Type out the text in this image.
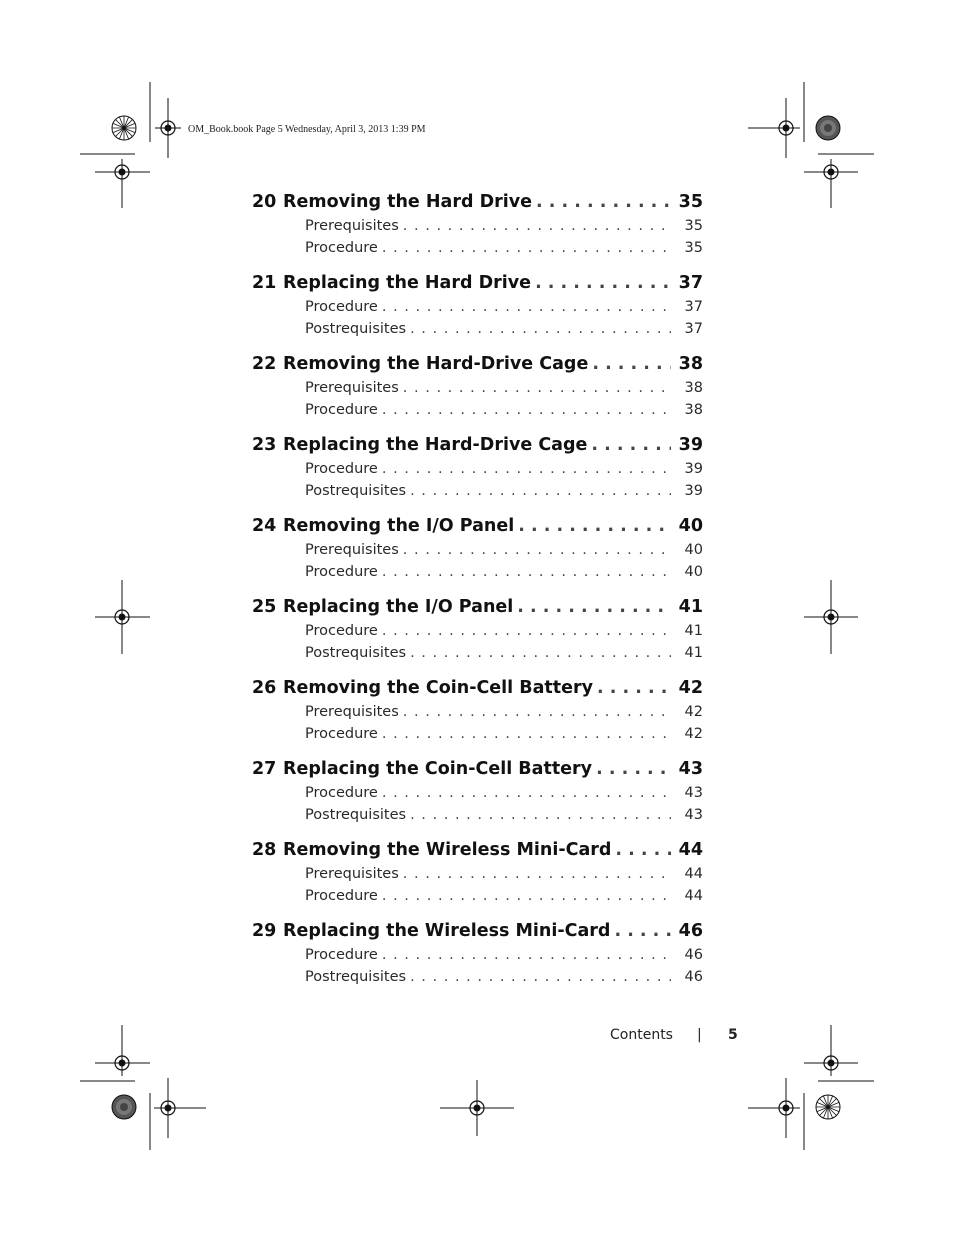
OM_Book.book Page 5 Wednesday, April 3, 2013 1:39 PM
20 Removing the Hard Drive . . .	35
Prerequisites . . .	35
Procedure . . .	35
21 Replacing the Hard Drive . . .	37
Procedure . . .	37
Postrequisites . . .	37
22 Removing the Hard-Drive Cage . . .	38
Prerequisites . . .	38
Procedure . . .	38
23 Replacing the Hard-Drive Cage . . .	39
Procedure . . .	39
Postrequisites . . .	39
24 Removing the I/O Panel . . .	40
Prerequisites . . .	40
Procedure . . .	40
25 Replacing the I/O Panel . . .	41
Procedure . . .	41
Postrequisites . . .	41
26 Removing the Coin-Cell Battery . . .	42
Prerequisites . . .	42
Procedure . . .	42
27 Replacing the Coin-Cell Battery . . .	43
Procedure . . .	43
Postrequisites . . .	43
28 Removing the Wireless Mini-Card . . .	44
Prerequisites . . .	44
Procedure . . .	44
29 Replacing the Wireless Mini-Card . . .	46
Procedure . . .	46
Postrequisites . . .	46
Contents | 5
